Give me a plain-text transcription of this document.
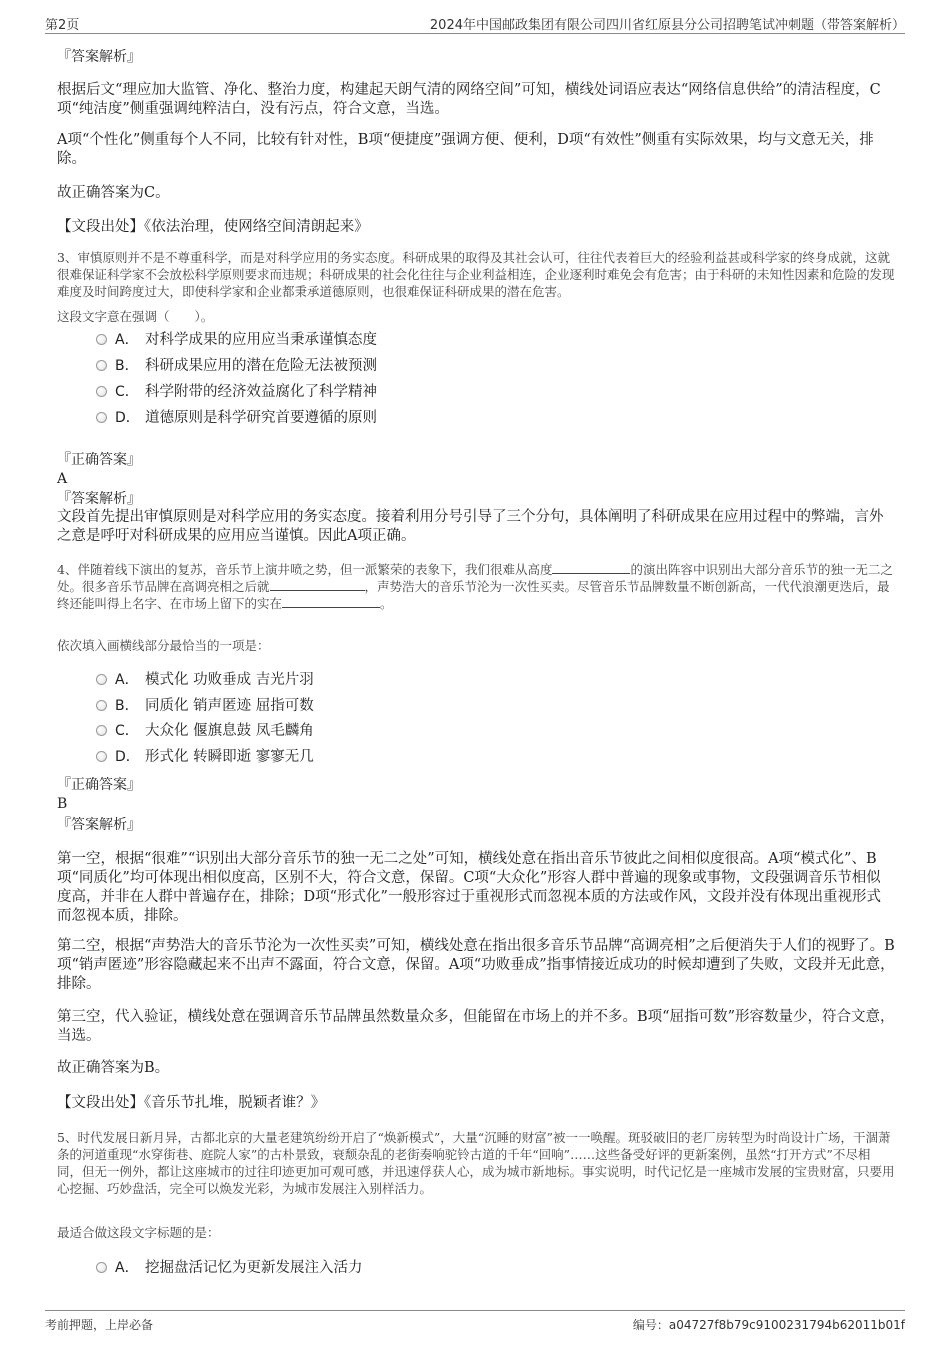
第2页	2024年中国邮政集团有限公司四川省红原县分公司招聘笔试冲刺题（带答案解析）
『答案解析』
根据后文“理应加大监管、净化、整治力度，构建起天朗气清的网络空间”可知，横线处词语应表达“网络信息供给”的清洁程度，C项“纯洁度”侧重强调纯粹洁白，没有污点，符合文意，当选。
A项“个性化”侧重每个人不同，比较有针对性，B项“便捷度”强调方便、便利，D项“有效性”侧重有实际效果，均与文意无关，排除。
故正确答案为C。
【文段出处】《依法治理，使网络空间清朗起来》
3、审慎原则并不是不尊重科学，而是对科学应用的务实态度。科研成果的取得及其社会认可，往往代表着巨大的经验利益甚或科学家的终身成就，这就很难保证科学家不会放松科学原则要求而违规；科研成果的社会化往往与企业利益相连，企业逐利时难免会有危害；由于科研的未知性因素和危险的发现难度及时间跨度过大，即使科学家和企业都秉承道德原则，也很难保证科研成果的潜在危害。
这段文字意在强调（　　）。
A． 对科学成果的应用应当秉承谨慎态度
B． 科研成果应用的潜在危险无法被预测
C． 科学附带的经济效益腐化了科学精神
D． 道德原则是科学研究首要遵循的原则
『正确答案』
A
『答案解析』
文段首先提出审慎原则是对科学应用的务实态度。接着利用分号引导了三个分句，具体阐明了科研成果在应用过程中的弊端，言外之意是呼吁对科研成果的应用应当谨慎。因此A项正确。
4、伴随着线下演出的复苏，音乐节上演井喷之势，但一派繁荣的表象下，我们很难从高度	的演出阵容中识别出大部分音乐节的独一无二之处。很多音乐节品牌在高调亮相之后就	，声势浩大的音乐节沦为一次性买卖。尽管音乐节品牌数量不断创新高，一代代浪潮更迭后，最终还能叫得上名字、在市场上留下的实在	。
依次填入画横线部分最恰当的一项是：
A． 模式化 功败垂成 吉光片羽
B． 同质化 销声匿迹 屈指可数
C． 大众化 偃旗息鼓 凤毛麟角
D． 形式化 转瞬即逝 寥寥无几
『正确答案』
B
『答案解析』
第一空，根据“很难”“识别出大部分音乐节的独一无二之处”可知，横线处意在指出音乐节彼此之间相似度很高。A项“模式化”、B项“同质化”均可体现出相似度高，区别不大，符合文意，保留。C项“大众化”形容人群中普遍的现象或事物，文段强调音乐节相似度高，并非在人群中普遍存在，排除；D项“形式化”一般形容过于重视形式而忽视本质的方法或作风，文段并没有体现出重视形式而忽视本质，排除。
第二空，根据“声势浩大的音乐节沦为一次性买卖”可知，横线处意在指出很多音乐节品牌“高调亮相”之后便消失于人们的视野了。B项“销声匿迹”形容隐藏起来不出声不露面，符合文意，保留。A项“功败垂成”指事情接近成功的时候却遭到了失败，文段并无此意，排除。
第三空，代入验证，横线处意在强调音乐节品牌虽然数量众多，但能留在市场上的并不多。B项“屈指可数”形容数量少，符合文意，当选。
故正确答案为B。
【文段出处】《音乐节扎堆，脱颖者谁？》
5、时代发展日新月异，古都北京的大量老建筑纷纷开启了“焕新模式”，大量“沉睡的财富”被一一唤醒。斑驳破旧的老厂房转型为时尚设计广场，干涸萧条的河道重现“水穿街巷、庭院人家”的古朴景致，衰颓杂乱的老街奏响驼铃古道的千年“回响”……这些备受好评的更新案例，虽然“打开方式”不尽相同，但无一例外，都让这座城市的过往印迹更加可观可感，并迅速俘获人心，成为城市新地标。事实说明，时代记忆是一座城市发展的宝贵财富，只要用心挖掘、巧妙盘活，完全可以焕发光彩，为城市发展注入别样活力。
最适合做这段文字标题的是：
A． 挖掘盘活记忆为更新发展注入活力
考前押题，上岸必备	编号：a04727f8b79c9100231794b62011b01f
